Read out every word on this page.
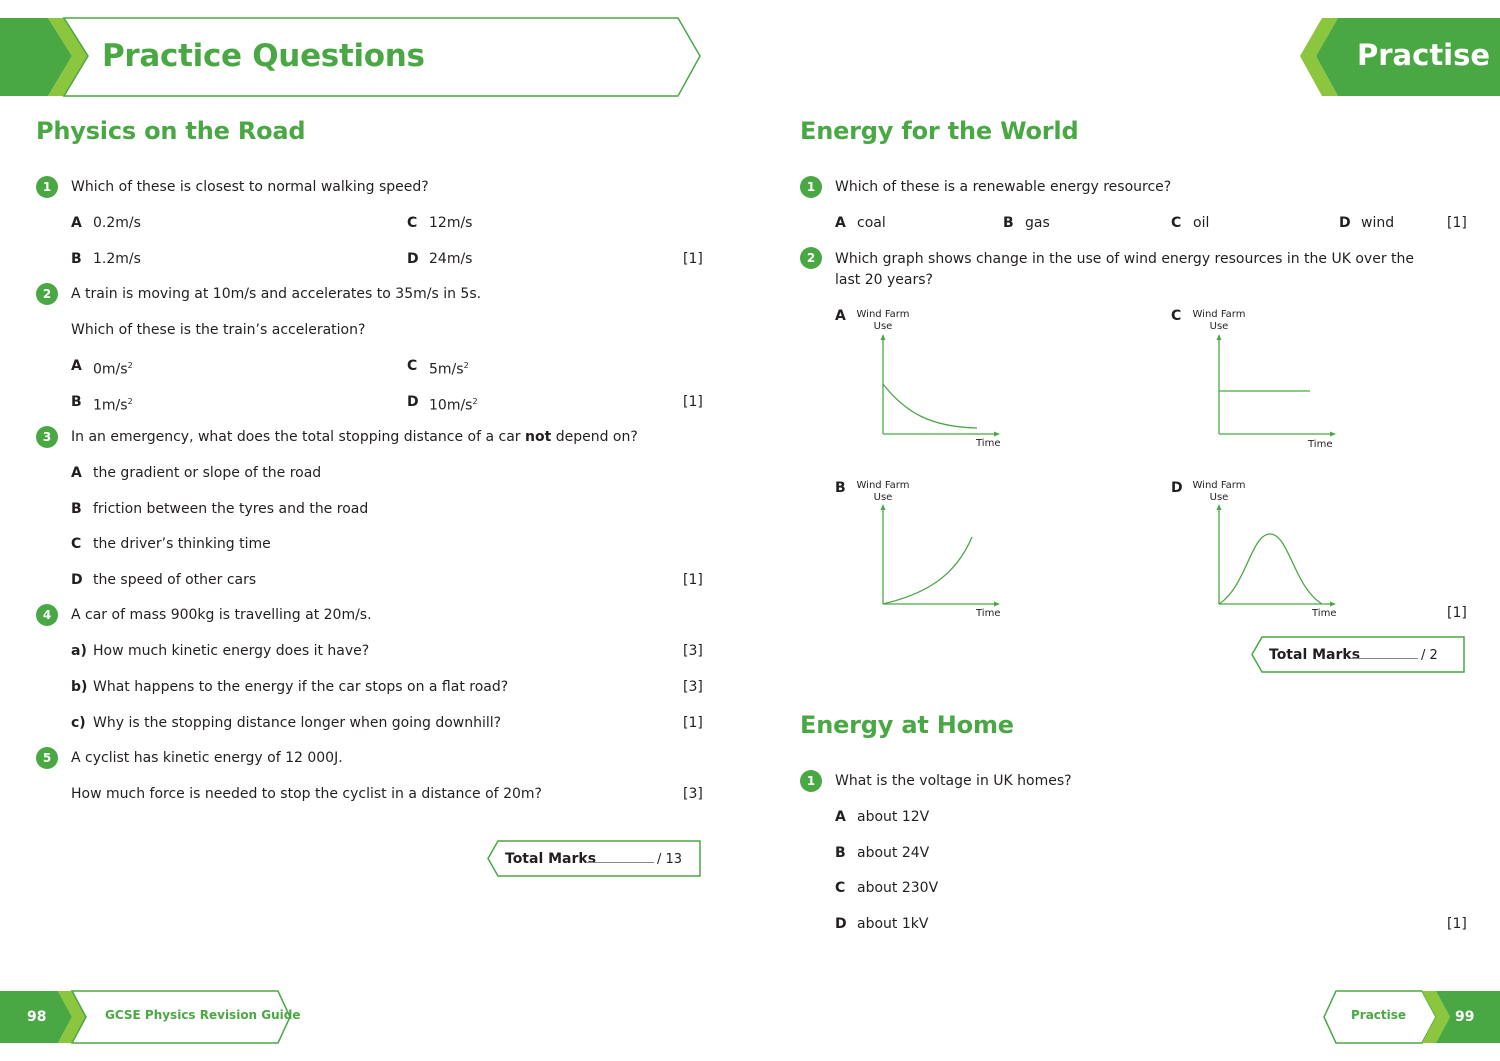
Practice Questions	Practise
Physics on the Road
1	Which of these is closest to normal walking speed?
A 0.2m/s	C 12m/s
B 1.2m/s	D 24m/s	[1]
2	A train is moving at 10m/s and accelerates to 35m/s in 5s.
Which of these is the train’s acceleration?
A $0m/s^2$	C $5m/s^2$
B $1m/s^2$	D $10m/s^2$	[1]
3	In an emergency, what does the total stopping distance of a car not depend on?
A the gradient or slope of the road
B friction between the tyres and the road
C the driver’s thinking time
D the speed of other cars	[1]
4	A car of mass 900kg is travelling at 20m/s.
a) How much kinetic energy does it have?	[3]
b) What happens to the energy if the car stops on a flat road?	[3]
c) Why is the stopping distance longer when going downhill?	[1]
5	A cyclist has kinetic energy of 12 000J.
How much force is needed to stop the cyclist in a distance of 20m?	[3]
Total Marks	/ 13
Energy for the World
1	Which of these is a renewable energy resource?
A coal	B gas	C oil	D wind	[1]
2	Which graph shows change in the use of wind energy resources in the UK over the
last 20 years?
A	Wind Farm
Use
Time
C	Wind Farm
Use
Time
B	Wind Farm
Use
Time
D Wind Farm
Use
Time	[1]
Total Marks	/ 2
Energy at Home
1	What is the voltage in UK homes?
A about 12V
B about 24V
C about 230V
D about 1kV	[1]
98	GCSE Physics Revision Guide	Practise	99
